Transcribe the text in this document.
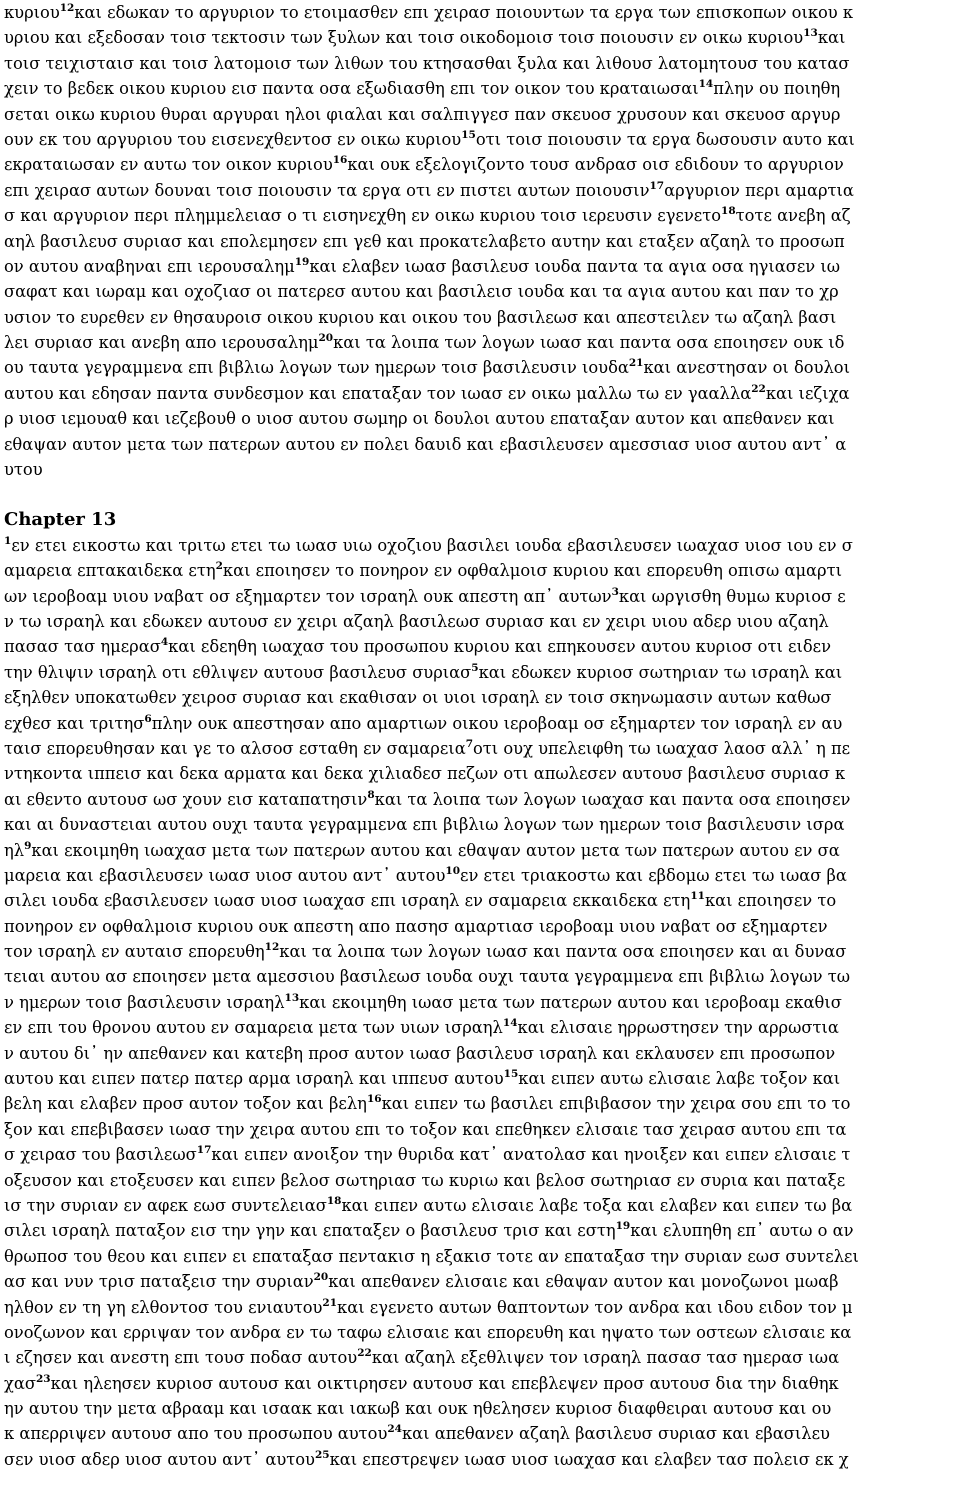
κυριου$^{12}$και εδωκαν το αργυριον το ετοιμασθεν επι χειρασ ποιουντων τα εργα των επισκοπων οικου κ
υριου και εξεδοσαν τοισ τεκτοσιν των ξυλων και τοισ οικοδομοισ τοισ ποιουσιν εν οικω κυριου$^{13}$και
τοισ τειχισταισ και τοισ λατομοισ των λιθων του κτησασθαι ξυλα και λιθουσ λατομητουσ του κατασ
χειν το βεδεκ οικου κυριου εισ παντα οσα εξωδιασθη επι τον οικον του κραταιωσαι$^{14}$πλην ου ποιηθη
σεται οικω κυριου θυραι αργυραι ηλοι φιαλαι και σαλπιγγεσ παν σκευοσ χρυσουν και σκευοσ αργυρ
ουν εκ του αργυριου του εισενεχθεντοσ εν οικω κυριου$^{15}$οτι τοισ ποιουσιν τα εργα δωσουσιν αυτο και
εκραταιωσαν εν αυτω τον οικον κυριου$^{16}$και ουκ εξελογιζοντο τουσ ανδρασ οισ εδιδουν το αργυριον
επι χειρασ αυτων δουναι τοισ ποιουσιν τα εργα οτι εν πιστει αυτων ποιουσιν$^{17}$αργυριον περι αμαρτια
σ και αργυριον περι πλημμελειασ ο τι εισηνεχθη εν οικω κυριου τοισ ιερευσιν εγενετο$^{18}$τοτε ανεβη αζ
αηλ βασιλευσ συριασ και επολεμησεν επι γεθ και προκατελαβετο αυτην και εταξεν αζαηλ το προσωπ
ον αυτου αναβηναι επι ιερουσαλημ$^{19}$και ελαβεν ιωασ βασιλευσ ιουδα παντα τα αγια οσα ηγιασεν ιω
σαφατ και ιωραμ και οχοζιασ οι πατερεσ αυτου και βασιλεισ ιουδα και τα αγια αυτου και παν το χρ
υσιον το ευρεθεν εν θησαυροισ οικου κυριου και οικου του βασιλεωσ και απεστειλεν τω αζαηλ βασι
λει συριασ και ανεβη απο ιερουσαλημ$^{20}$και τα λοιπα των λογων ιωασ και παντα οσα εποιησεν ουκ ιδ
ου ταυτα γεγραμμενα επι βιβλιω λογων των ημερων τοισ βασιλευσιν ιουδα$^{21}$και ανεστησαν οι δουλοι
αυτου και εδησαν παντα συνδεσμον και επαταξαν τον ιωασ εν οικω μαλλω τω εν γααλλα$^{22}$και ιεζιχα
ρ υιοσ ιεμουαθ και ιεζεβουθ ο υιοσ αυτου σωμηρ οι δουλοι αυτου επαταξαν αυτον και απεθανεν και
εθαψαν αυτον μετα των πατερων αυτου εν πολει δαυιδ και εβασιλευσεν αμεσσιασ υιοσ αυτου αντ᾽ α
υτου
Chapter 13
$^1$εν ετει εικοστω και τριτω ετει τω ιωασ υιω οχοζιου βασιλει ιουδα εβασιλευσεν ιωαχασ υιοσ ιου εν σ
αμαρεια επτακαιδεκα ετη$^2$και εποιησεν το πονηρον εν οφθαλμοισ κυριου και επορευθη οπισω αμαρτι
ων ιεροβοαμ υιου ναβατ οσ εξημαρτεν τον ισραηλ ουκ απεστη απ᾽ αυτων$^3$και ωργισθη θυμω κυριοσ ε
ν τω ισραηλ και εδωκεν αυτουσ εν χειρι αζαηλ βασιλεωσ συριασ και εν χειρι υιου αδερ υιου αζαηλ
πασασ τασ ημερασ$^4$και εδεηθη ιωαχασ του προσωπου κυριου και επηκουσεν αυτου κυριοσ οτι ειδεν
την θλιψιν ισραηλ οτι εθλιψεν αυτουσ βασιλευσ συριασ$^5$και εδωκεν κυριοσ σωτηριαν τω ισραηλ και
εξηλθεν υποκατωθεν χειροσ συριασ και εκαθισαν οι υιοι ισραηλ εν τοισ σκηνωμασιν αυτων καθωσ
εχθεσ και τριτησ$^6$πλην ουκ απεστησαν απο αμαρτιων οικου ιεροβοαμ οσ εξημαρτεν τον ισραηλ εν αυ
ταισ επορευθησαν και γε το αλσοσ εσταθη εν σαμαρεια$^7$οτι ουχ υπελειφθη τω ιωαχασ λαοσ αλλ᾽ η πε
ντηκοντα ιππεισ και δεκα αρματα και δεκα χιλιαδεσ πεζων οτι απωλεσεν αυτουσ βασιλευσ συριασ κ
αι εθεντο αυτουσ ωσ χουν εισ καταπατησιν$^8$και τα λοιπα των λογων ιωαχασ και παντα οσα εποιησεν
και αι δυναστειαι αυτου ουχι ταυτα γεγραμμενα επι βιβλιω λογων των ημερων τοισ βασιλευσιν ισρα
$\eta\lambda^9\kappa\alpha\iota$ εκοιμηθη ιωαχασ μετα των πατερων αυτου και εθαψαν αυτον μετα των πατερων αυτου εν σα
μαρεια και εβασιλευσεν ιωασ υιοσ αυτου αντ᾽ αυτου$^{10}$εν ετει τριακοστω και εβδομω ετει τω ιωασ βα
σιλει ιουδα εβασιλευσεν ιωασ υιοσ ιωαχασ επι ισραηλ εν σαμαρεια εκκαιδεκα ετη$^{11}$και εποιησεν το
πονηρον εν οφθαλμοισ κυριου ουκ απεστη απο πασησ αμαρτιασ ιεροβοαμ υιου ναβατ οσ εξημαρτεν
τον ισραηλ εν αυταισ επορευθη$^{12}$και τα λοιπα των λογων ιωασ και παντα οσα εποιησεν και αι δυνασ
τειαι αυτου ασ εποιησεν μετα αμεσσιου βασιλεωσ ιουδα ουχι ταυτα γεγραμμενα επι βιβλιω λογων τω
ν ημερων τοισ βασιλευσιν ισραηλ$^{13}$και εκοιμηθη ιωασ μετα των πατερων αυτου και ιεροβοαμ εκαθισ
εν επι του θρονου αυτου εν σαμαρεια μετα των υιων ισραηλ$^{14}$και ελισαιε ηρρωστησεν την αρρωστια
ν αυτου δι᾽ ην απεθανεν και κατεβη προσ αυτον ιωασ βασιλευσ ισραηλ και εκλαυσεν επι προσωπον
αυτου και ειπεν πατερ πατερ αρμα ισραηλ και ιππευσ αυτου$^{15}$και ειπεν αυτω ελισαιε λαβε τοξον και
βελη και ελαβεν προσ αυτον τοξον και βελη$^{16}$και ειπεν τω βασιλει επιβιβασον την χειρα σου επι το το
ξον και επεβιβασεν ιωασ την χειρα αυτου επι το τοξον και επεθηκεν ελισαιε τασ χειρασ αυτου επι τα
σ χειρασ του βασιλεωσ$^{17}$και ειπεν ανοιξον την θυριδα κατ᾽ ανατολασ και ηνοιξεν και ειπεν ελισαιε τ
οξευσον και ετοξευσεν και ειπεν βελοσ σωτηριασ τω κυριω και βελοσ σωτηριασ εν συρια και παταξε
ισ την συριαν εν αφεκ εωσ συντελειασ$^{18}$και ειπεν αυτω ελισαιε λαβε τοξα και ελαβεν και ειπεν τω βα
σιλει ισραηλ παταξον εισ την γην και επαταξεν ο βασιλευσ τρισ και εστη$^{19}$και ελυπηθη επ᾽ αυτω ο αν
θρωποσ του θεου και ειπεν ει επαταξασ πεντακισ η εξακισ τοτε αν επαταξασ την συριαν εωσ συντελει
ασ και νυν τρισ παταξεισ την συριαν$^{20}$και απεθανεν ελισαιε και εθαψαν αυτον και μονοζωνοι μωαβ
ηλθον εν τη γη ελθοντοσ του ενιαυτου$^{21}$και εγενετο αυτων θαπτοντων τον ανδρα και ιδου ειδον τον μ
ονοζωνον και ερριψαν τον ανδρα εν τω ταφω ελισαιε και επορευθη και ηψατο των οστεων ελισαιε κα
ι εζησεν και ανεστη επι τουσ ποδασ αυτου$^{22}$και αζαηλ εξεθλιψεν τον ισραηλ πασασ τασ ημερασ ιωα
χασ$^{23}$και ηλεησεν κυριοσ αυτουσ και οικτιρησεν αυτουσ και επεβλεψεν προσ αυτουσ δια την διαθηκ
ην αυτου την μετα αβρααμ και ισαακ και ιακωβ και ουκ ηθελησεν κυριοσ διαφθειραι αυτουσ και ου
κ απερριψεν αυτουσ απο του προσωπου αυτου$^{24}$και απεθανεν αζαηλ βασιλευσ συριασ και εβασιλευ
σεν υιοσ αδερ υιοσ αυτου αντ᾽ αυτου$^{25}$και επεστρεψεν ιωασ υιοσ ιωαχασ και ελαβεν τασ πολεισ εκ χ
